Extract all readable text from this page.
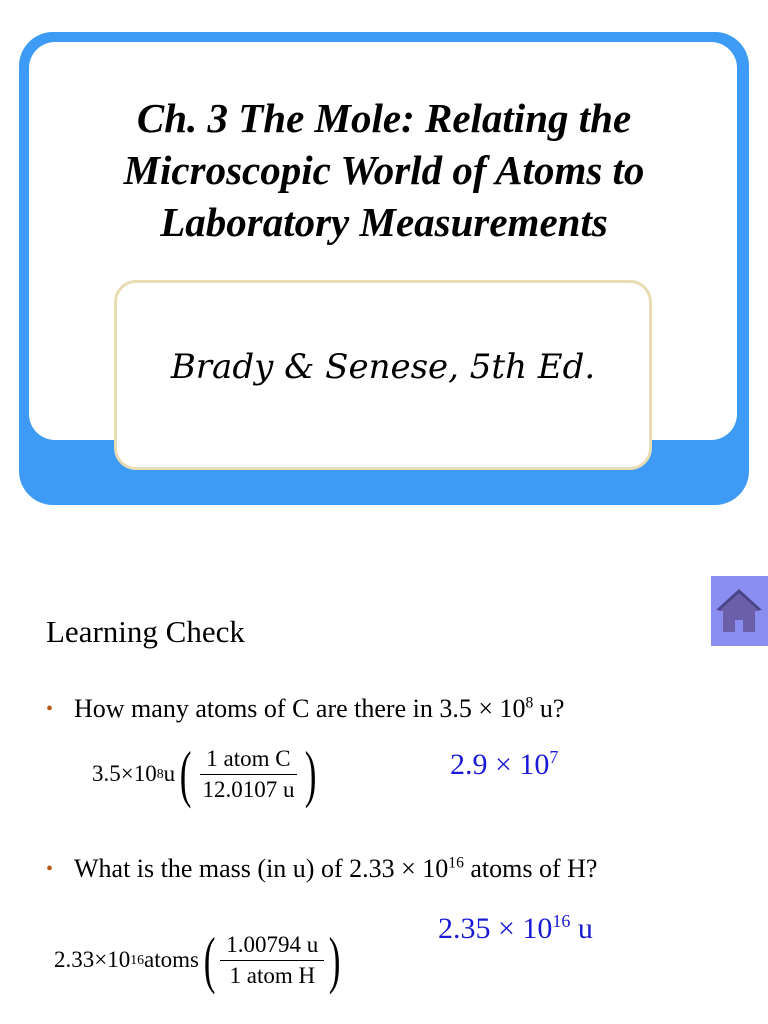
Ch. 3 The Mole: Relating the Microscopic World of Atoms to Laboratory Measurements
Brady & Senese, 5th Ed.
Learning Check
• How many atoms of C are there in $3.5 \times 10^8$ u?
3.5×10 8 u ( $\frac{\text{1 atom C}}{12.0107 u}$ )	$2.9 \times 10^7$
• What is the mass (in u) of $2.33 \times 10^{16}$ atoms of H?
2.33×10 16 atoms ( $\frac{1.00794 u}{\text{1 atom H}}$ )	$2.35 \times 10^{16}$ u
